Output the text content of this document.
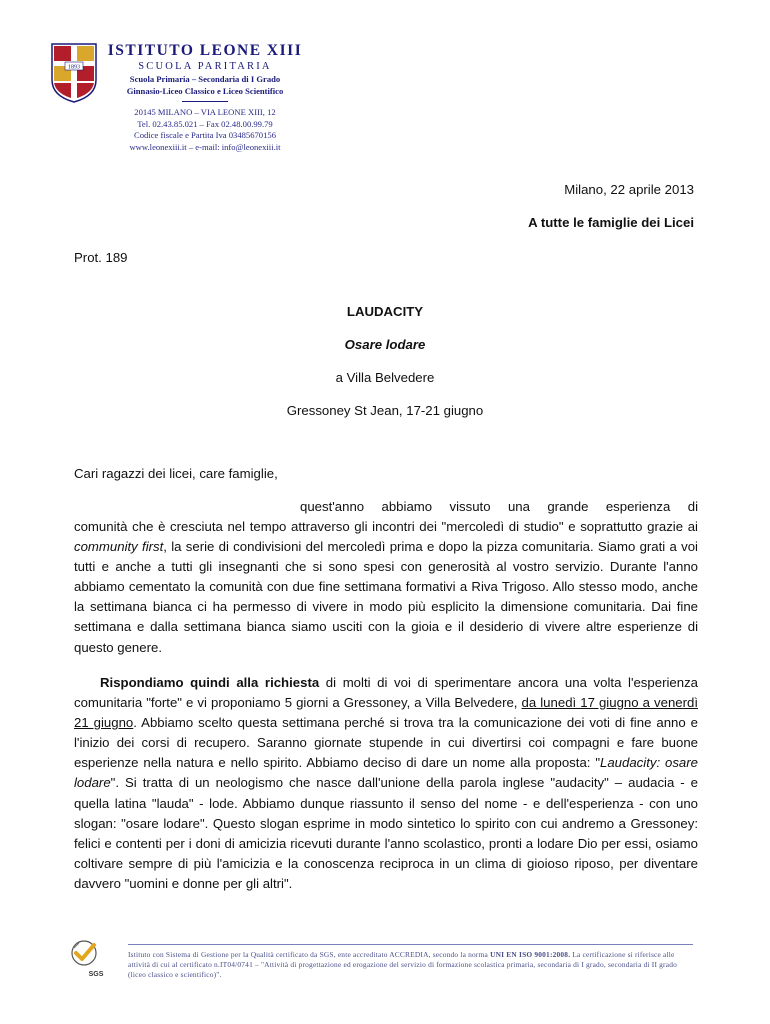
1893
ISTITUTO LEONE XIII
SCUOLA PARITARIA
Scuola Primaria – Secondaria di I Grado
Ginnasio-Liceo Classico e Liceo Scientifico
20145 MILANO – VIA LEONE XIII, 12
Tel. 02.43.85.021 – Fax 02.48.00.99.79
Codice fiscale e Partita Iva 03485670156
www.leonexiii.it – e-mail: info@leonexiii.it
Milano, 22 aprile 2013
A tutte le famiglie dei Licei
Prot. 189
LAUDACITY
Osare lodare
a Villa Belvedere
Gressoney St Jean, 17-21 giugno
Cari ragazzi dei licei, care famiglie,
quest'anno abbiamo vissuto una grande esperienza di
comunità che è cresciuta nel tempo attraverso gli incontri dei "mercoledì di studio" e soprattutto grazie ai community first, la serie di condivisioni del mercoledì prima e dopo la pizza comunitaria. Siamo grati a voi tutti e anche a tutti gli insegnanti che si sono spesi con generosità al vostro servizio. Durante l'anno abbiamo cementato la comunità con due fine settimana formativi a Riva Trigoso. Allo stesso modo, anche la settimana bianca ci ha permesso di vivere in modo più esplicito la dimensione comunitaria. Dai fine settimana e dalla settimana bianca siamo usciti con la gioia e il desiderio di vivere altre esperienze di questo genere.
Rispondiamo quindi alla richiesta di molti di voi di sperimentare ancora una volta l'esperienza comunitaria "forte" e vi proponiamo 5 giorni a Gressoney, a Villa Belvedere, da lunedì 17 giugno a venerdì 21 giugno. Abbiamo scelto questa settimana perché si trova tra la comunicazione dei voti di fine anno e l'inizio dei corsi di recupero. Saranno giornate stupende in cui divertirsi coi compagni e fare buone esperienze nella natura e nello spirito. Abbiamo deciso di dare un nome alla proposta: "Laudacity: osare lodare". Si tratta di un neologismo che nasce dall'unione della parola inglese "audacity" – audacia - e quella latina "lauda" - lode. Abbiamo dunque riassunto il senso del nome - e dell'esperienza - con uno slogan: "osare lodare". Questo slogan esprime in modo sintetico lo spirito con cui andremo a Gressoney: felici e contenti per i doni di amicizia ricevuti durante l'anno scolastico, pronti a lodare Dio per essi, osiamo coltivare sempre di più l'amicizia e la conoscenza reciproca in un clima di gioioso riposo, per diventare davvero "uomini e donne per gli altri".
SGS
Istituto con Sistema di Gestione per la Qualità certificato da SGS, ente accreditato ACCREDIA, secondo la norma UNI EN ISO 9001:2008. La certificazione si riferisce alle attività di cui al certificato n.IT04/0741 – "Attività di progettazione ed erogazione del servizio di formazione scolastica primaria, secondaria di I grado, secondaria di II grado (liceo classico e scientifico)".
